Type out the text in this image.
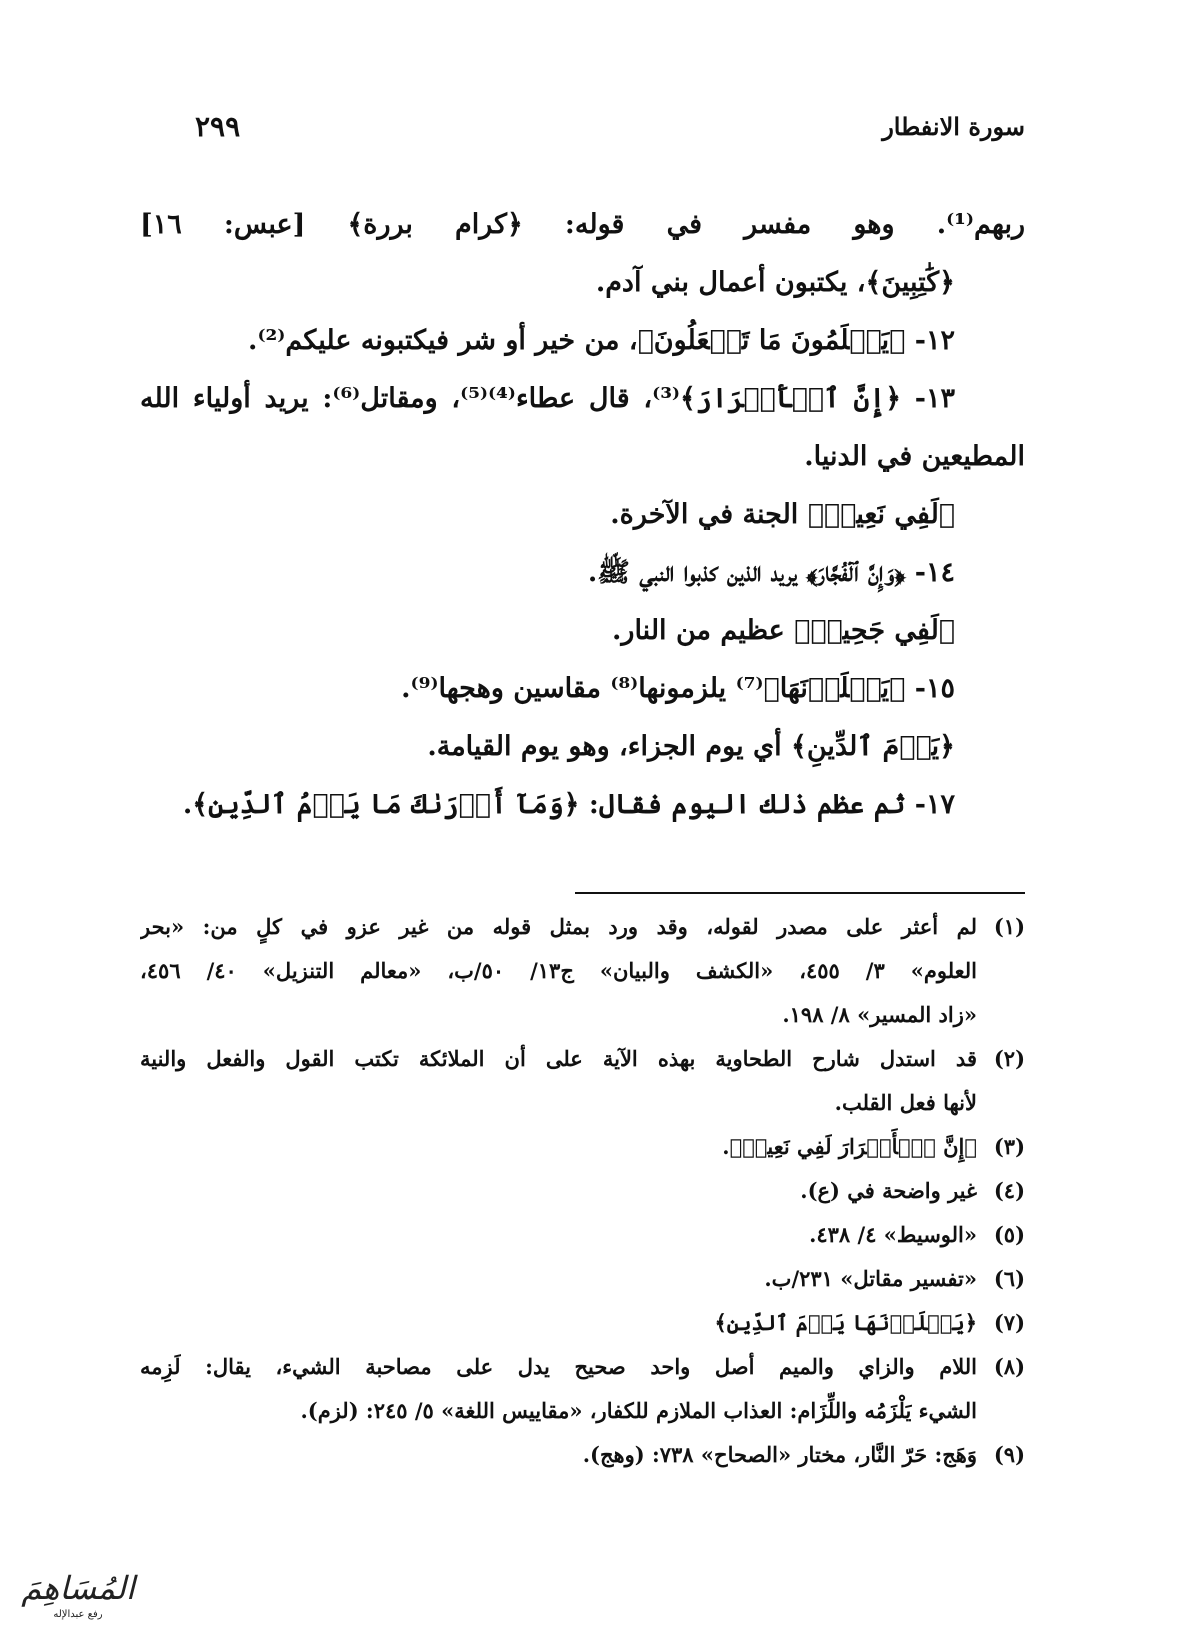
سورة الانفطار
٢٩٩
ربهم⁽¹⁾. وهو مفسر في قوله: ﴿كرام بررة﴾ [عبس: ١٦]
﴿كَٰتِبِينَ﴾، يكتبون أعمال بني آدم.
١٢- ﴿يَعۡلَمُونَ مَا تَفۡعَلُونَ﴾، من خير أو شر فيكتبونه عليكم⁽²⁾.
١٣- ﴿إِنَّ ٱلۡأَبۡرَارَ﴾⁽³⁾، قال عطاء⁽⁴⁾⁽⁵⁾، ومقاتل⁽⁶⁾: يريد أولياء الله
المطيعين في الدنيا.
﴿لَفِي نَعِيمٖ﴾ الجنة في الآخرة.
١٤- ﴿وَإِنَّ ٱلۡفُجَّارَ﴾ يريد الذين كذبوا النبي ﷺ.
﴿لَفِي جَحِيمٖ﴾ عظيم من النار.
١٥- ﴿يَصۡلَوۡنَهَا﴾⁽⁷⁾ يلزمونها⁽⁸⁾ مقاسين وهجها⁽⁹⁾.
﴿يَوۡمَ ٱلدِّينِ﴾ أي يوم الجزاء، وهو يوم القيامة.
١٧- ثم عظم ذلك اليوم فقال: ﴿وَمَآ أَدۡرَىٰكَ مَا يَوۡمُ ٱلدِّينِ﴾.
(١)
لم أعثر على مصدر لقوله، وقد ورد بمثل قوله من غير عزو في كلٍ من: «بحر
العلوم» ٣/ ٤٥٥، «الكشف والبيان» ج١٣/ ٥٠/ب، «معالم التنزيل» ٤٠/ ٤٥٦،
«زاد المسير» ٨/ ١٩٨.
(٢)
قد استدل شارح الطحاوية بهذه الآية على أن الملائكة تكتب القول والفعل والنية
لأنها فعل القلب.
(٣)
﴿إِنَّ ٱلۡأَبۡرَارَ لَفِي نَعِيمٖ﴾.
(٤)
غير واضحة في (ع).
(٥)
«الوسيط» ٤/ ٤٣٨.
(٦)
«تفسير مقاتل» ٢٣١/ب.
(٧)
﴿يَصۡلَوۡنَهَا يَوۡمَ ٱلدِّينِ﴾
(٨)
اللام والزاي والميم أصل واحد صحيح يدل على مصاحبة الشيء، يقال: لَزِمه
الشيء يَلْزَمُه واللِّزَام: العذاب الملازم للكفار، «مقاييس اللغة» ٥/ ٢٤٥: (لزم).
(٩)
وَهَج: حَرّ النَّار، مختار «الصحاح» ٧٣٨: (وهج).
المُسَاهِمَ
رفع عبدالإله
